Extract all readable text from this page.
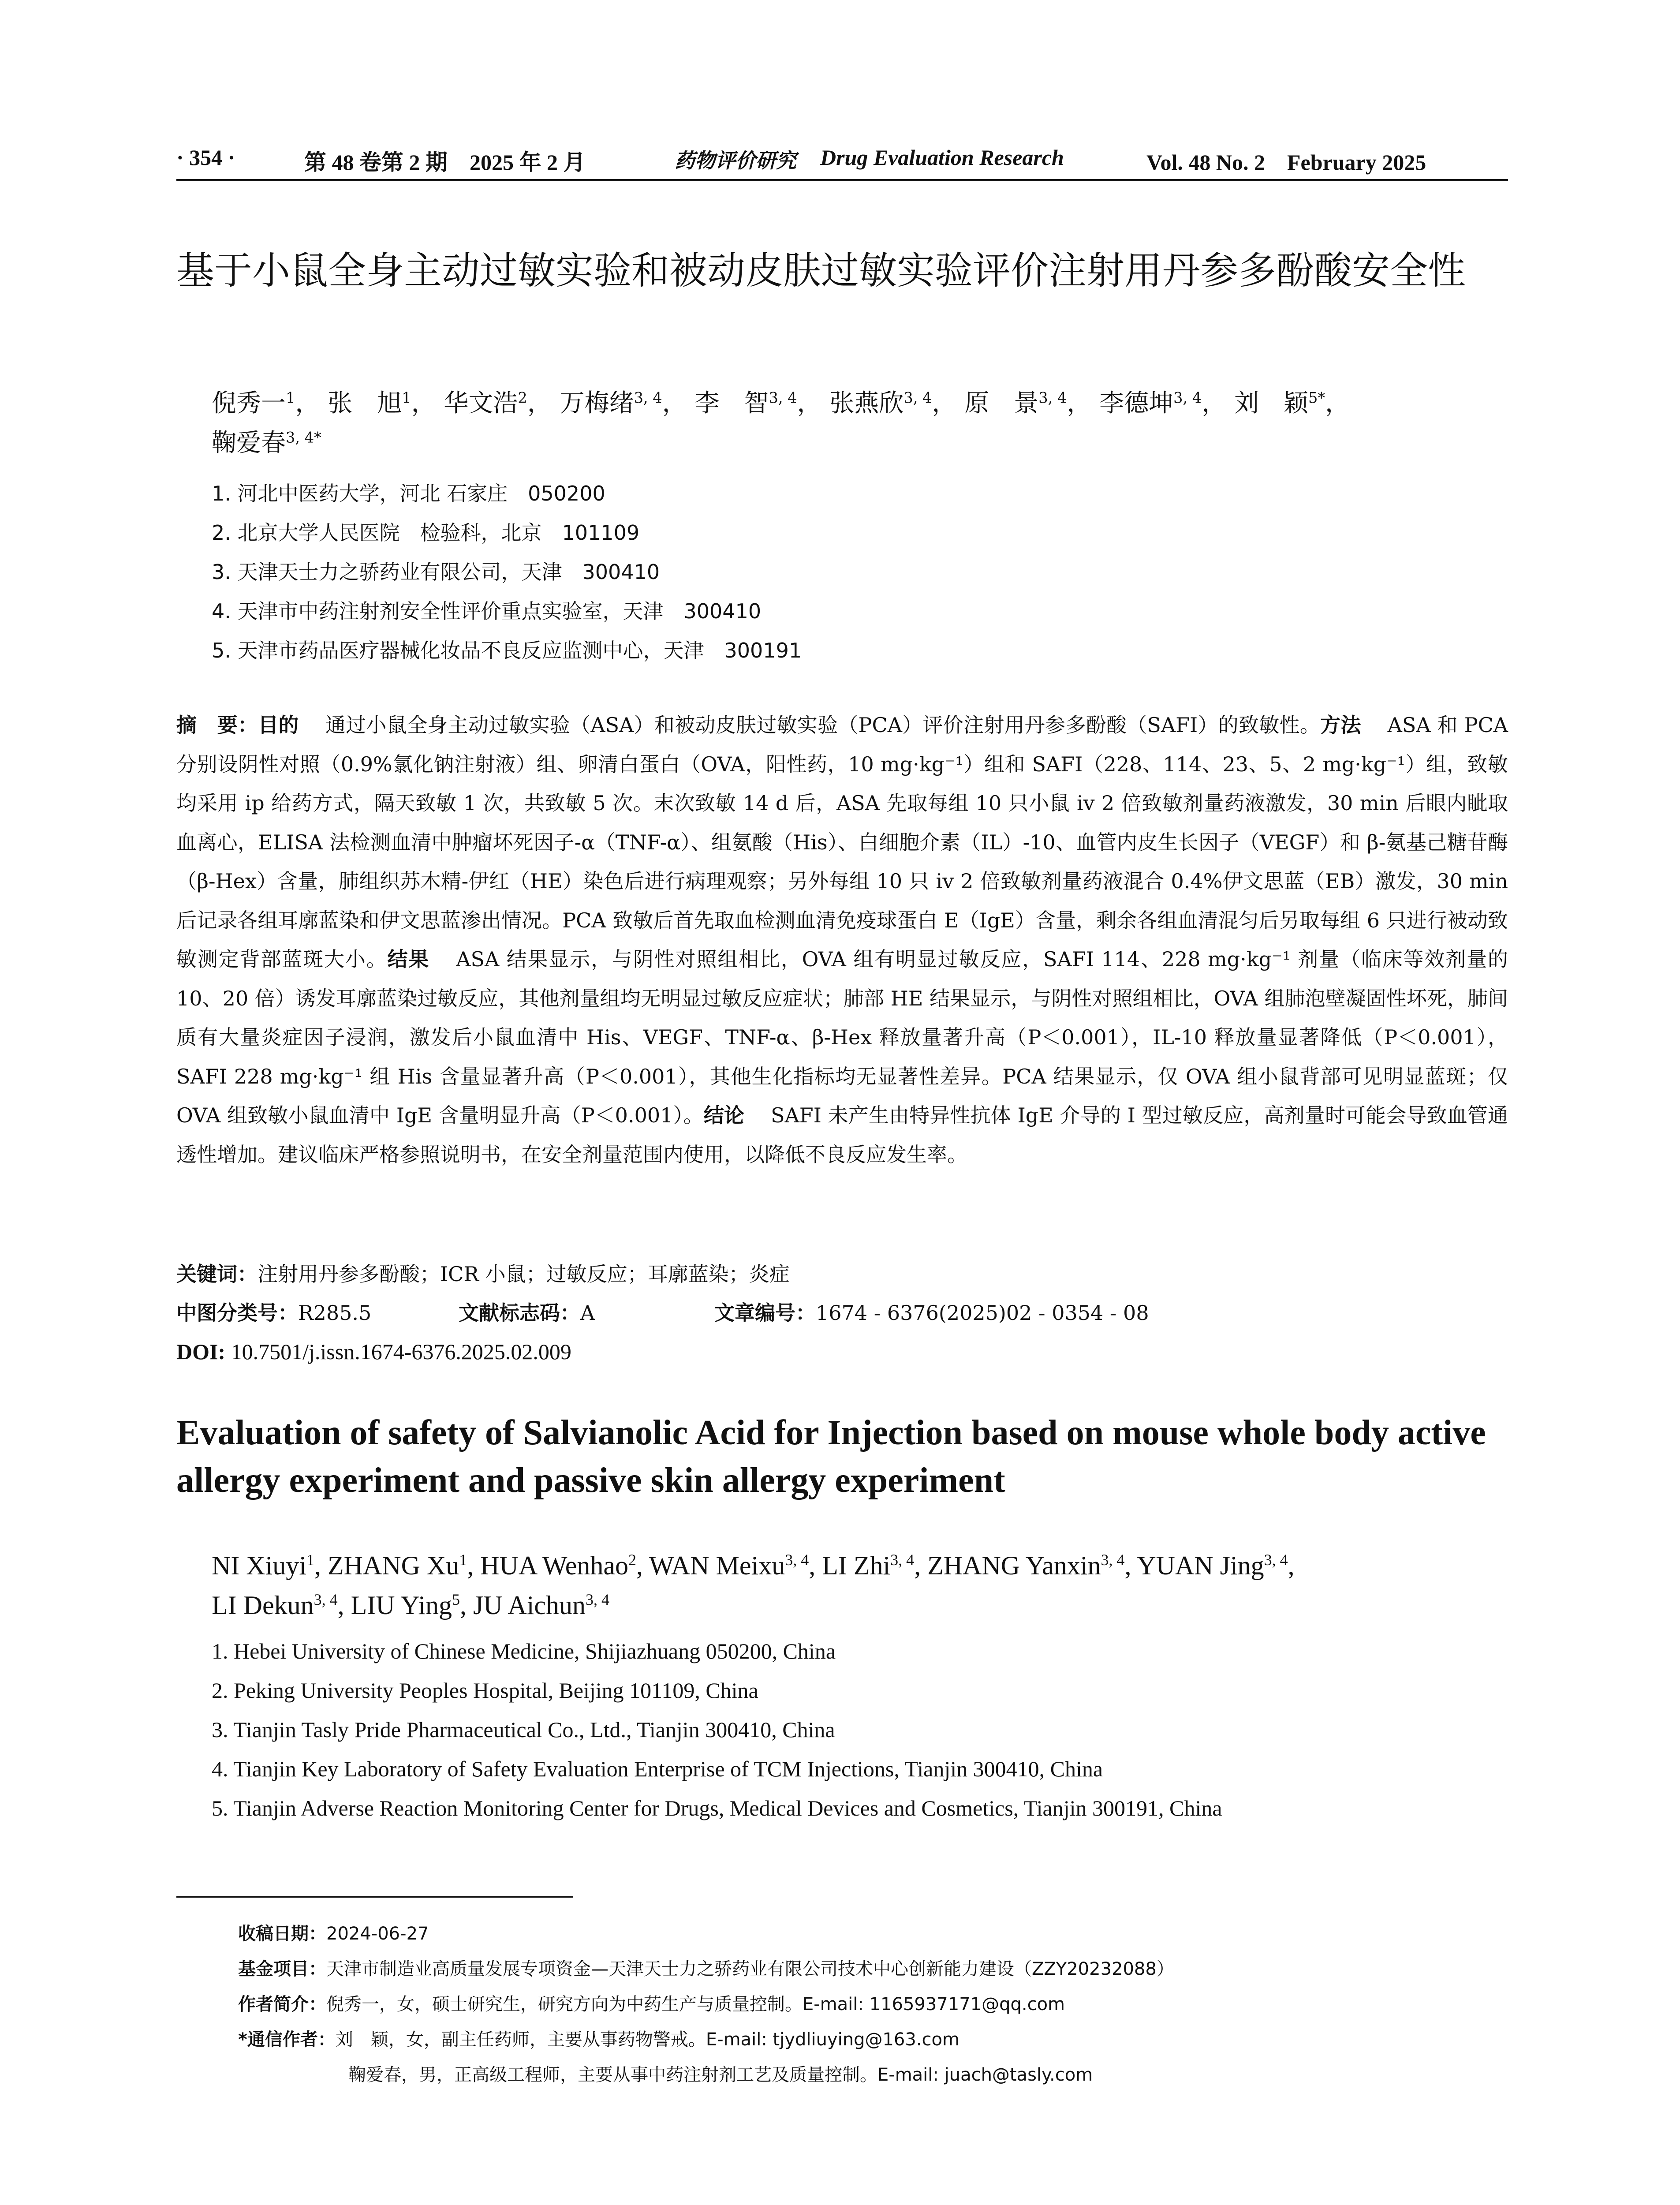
· 354 ·	第 48 卷第 2 期　2025 年 2 月	药物评价研究 Drug Evaluation Research	Vol. 48 No. 2　February 2025
基于小鼠全身主动过敏实验和被动皮肤过敏实验评价注射用丹参多酚酸安全性
倪秀一$^1$， 张　旭$^1$， 华文浩$^2$， 万梅绪$^{3, 4}$， 李　智$^{3, 4}$， 张燕欣$^{3, 4}$， 原　景$^{3, 4}$， 李德坤$^{3, 4}$， 刘　颖$^{5*}$，
鞠爱春$^{3, 4*}$
1. 河北中医药大学，河北 石家庄　050200
2. 北京大学人民医院　检验科，北京　101109
3. 天津天士力之骄药业有限公司，天津　300410
4. 天津市中药注射剂安全性评价重点实验室，天津　300410
5. 天津市药品医疗器械化妆品不良反应监测中心，天津　300191
摘　要：目的 通过小鼠全身主动过敏实验（ASA）和被动皮肤过敏实验（PCA）评价注射用丹参多酚酸（SAFI）的致敏性。方法 ASA 和 PCA 分别设阴性对照（0.9%氯化钠注射液）组、卵清白蛋白（OVA，阳性药，10 mg·kg⁻¹）组和 SAFI（228、114、23、5、2 mg·kg⁻¹）组，致敏均采用 ip 给药方式，隔天致敏 1 次，共致敏 5 次。末次致敏 14 d 后，ASA 先取每组 10 只小鼠 iv 2 倍致敏剂量药液激发，30 min 后眼内眦取血离心，ELISA 法检测血清中肿瘤坏死因子-α（TNF-α）、组氨酸（His）、白细胞介素（IL）-10、血管内皮生长因子（VEGF）和 β-氨基己糖苷酶（β-Hex）含量，肺组织苏木精-伊红（HE）染色后进行病理观察；另外每组 10 只 iv 2 倍致敏剂量药液混合 0.4%伊文思蓝（EB）激发，30 min 后记录各组耳廓蓝染和伊文思蓝渗出情况。PCA 致敏后首先取血检测血清免疫球蛋白 E（IgE）含量，剩余各组血清混匀后另取每组 6 只进行被动致敏测定背部蓝斑大小。结果 ASA 结果显示，与阴性对照组相比，OVA 组有明显过敏反应，SAFI 114、228 mg·kg⁻¹ 剂量（临床等效剂量的 10、20 倍）诱发耳廓蓝染过敏反应，其他剂量组均无明显过敏反应症状；肺部 HE 结果显示，与阴性对照组相比，OVA 组肺泡壁凝固性坏死，肺间质有大量炎症因子浸润，激发后小鼠血清中 His、VEGF、TNF-α、β-Hex 释放量著升高（P＜0.001），IL-10 释放量显著降低（P＜0.001），SAFI 228 mg·kg⁻¹ 组 His 含量显著升高（P＜0.001），其他生化指标均无显著性差异。PCA 结果显示，仅 OVA 组小鼠背部可见明显蓝斑；仅 OVA 组致敏小鼠血清中 IgE 含量明显升高（P＜0.001）。结论 SAFI 未产生由特异性抗体 IgE 介导的 I 型过敏反应，高剂量时可能会导致血管通透性增加。建议临床严格参照说明书，在安全剂量范围内使用，以降低不良反应发生率。
关键词：注射用丹参多酚酸；ICR 小鼠；过敏反应；耳廓蓝染；炎症
中图分类号： R285.5	文献标志码： A	文章编号： 1674 - 6376(2025)02 - 0354 - 08
DOI: 10.7501/j.issn.1674-6376.2025.02.009
Evaluation of safety of Salvianolic Acid for Injection based on mouse whole body active allergy experiment and passive skin allergy experiment
NI Xiuyi$^1$, ZHANG Xu$^1$, HUA Wenhao$^2$, WAN Meixu$^{3, 4}$, LI Zhi$^{3, 4}$, ZHANG Yanxin$^{3, 4}$, YUAN Jing$^{3, 4}$,
LI Dekun$^{3, 4}$, LIU Ying$^5$, JU Aichun$^{3, 4}$
1. Hebei University of Chinese Medicine, Shijiazhuang 050200, China
2. Peking University Peoples Hospital, Beijing 101109, China
3. Tianjin Tasly Pride Pharmaceutical Co., Ltd., Tianjin 300410, China
4. Tianjin Key Laboratory of Safety Evaluation Enterprise of TCM Injections, Tianjin 300410, China
5. Tianjin Adverse Reaction Monitoring Center for Drugs, Medical Devices and Cosmetics, Tianjin 300191, China
收稿日期：2024-06-27
基金项目：天津市制造业高质量发展专项资金—天津天士力之骄药业有限公司技术中心创新能力建设（ZZY20232088）
作者简介：倪秀一，女，硕士研究生，研究方向为中药生产与质量控制。E-mail: 1165937171@qq.com
*通信作者：刘　颖，女，副主任药师，主要从事药物警戒。E-mail: tjydliuying@163.com
鞠爱春，男，正高级工程师，主要从事中药注射剂工艺及质量控制。E-mail: juach@tasly.com
